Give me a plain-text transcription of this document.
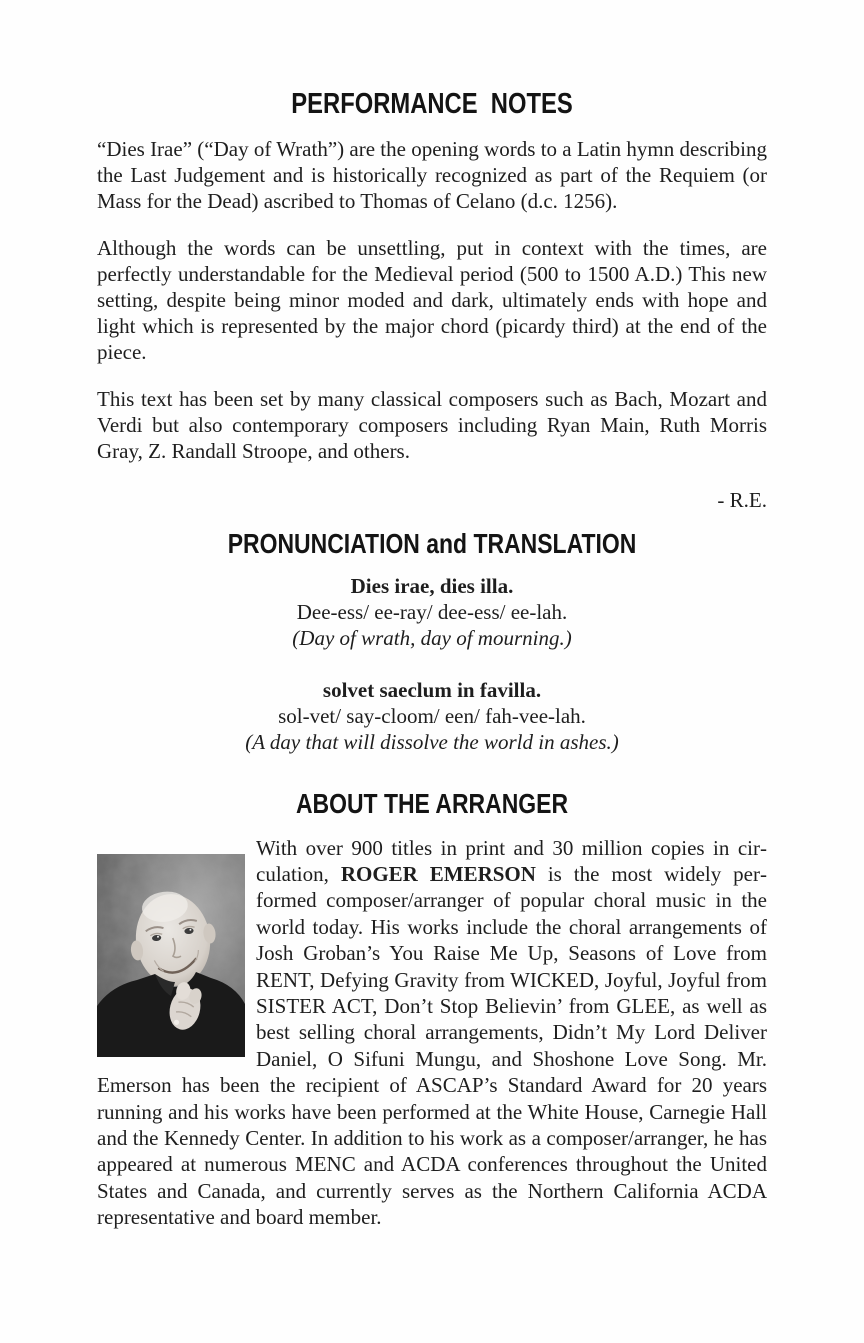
PERFORMANCE  NOTES

“Dies Irae” (“Day of Wrath”) are the opening words to a Latin hymn describing the Last Judgement and is historically recognized as part of the Requiem (or Mass for the Dead) ascribed to Thomas of Celano (d.c. 1256).

Although the words can be unsettling, put in context with the times, are perfectly understandable for the Medieval period (500 to 1500 A.D.) This new setting, despite being minor moded and dark, ultimately ends with hope and light which is represented by the major chord (picardy third) at the end of the piece.

This text has been set by many classical composers such as Bach, Mozart and Verdi but also contemporary composers including Ryan Main, Ruth Morris Gray, Z. Randall Stroope, and others.

- R.E.
PRONUNCIATION and TRANSLATION
Dies irae, dies illa.
Dee-ess/ ee-ray/ dee-ess/ ee-lah.
(Day of wrath, day of mourning.)
solvet saeclum in favilla.
sol-vet/ say-cloom/ een/ fah-vee-lah.
(A day that will dissolve the world in ashes.)
ABOUT THE ARRANGER

With over 900 titles in print and 30 million copies in circulation, ROGER EMERSON is the most widely performed composer/arranger of popular choral music in the world today. His works include the choral arrangements of Josh Groban’s You Raise Me Up, Seasons of Love from RENT, Defying Gravity from WICKED, Joyful, Joyful from SISTER ACT, Don’t Stop Believin’ from GLEE, as well as best selling choral arrangements, Didn’t My Lord Deliver Daniel, O Sifuni Mungu, and Shoshone Love Song. Mr. Emerson has been the recipient of ASCAP’s Standard Award for 20 years running and his works have been performed at the White House, Carnegie Hall and the Kennedy Center. In addition to his work as a composer/arranger, he has appeared at numerous MENC and ACDA conferences throughout the United States and Canada, and currently serves as the Northern California ACDA representative and board member.
